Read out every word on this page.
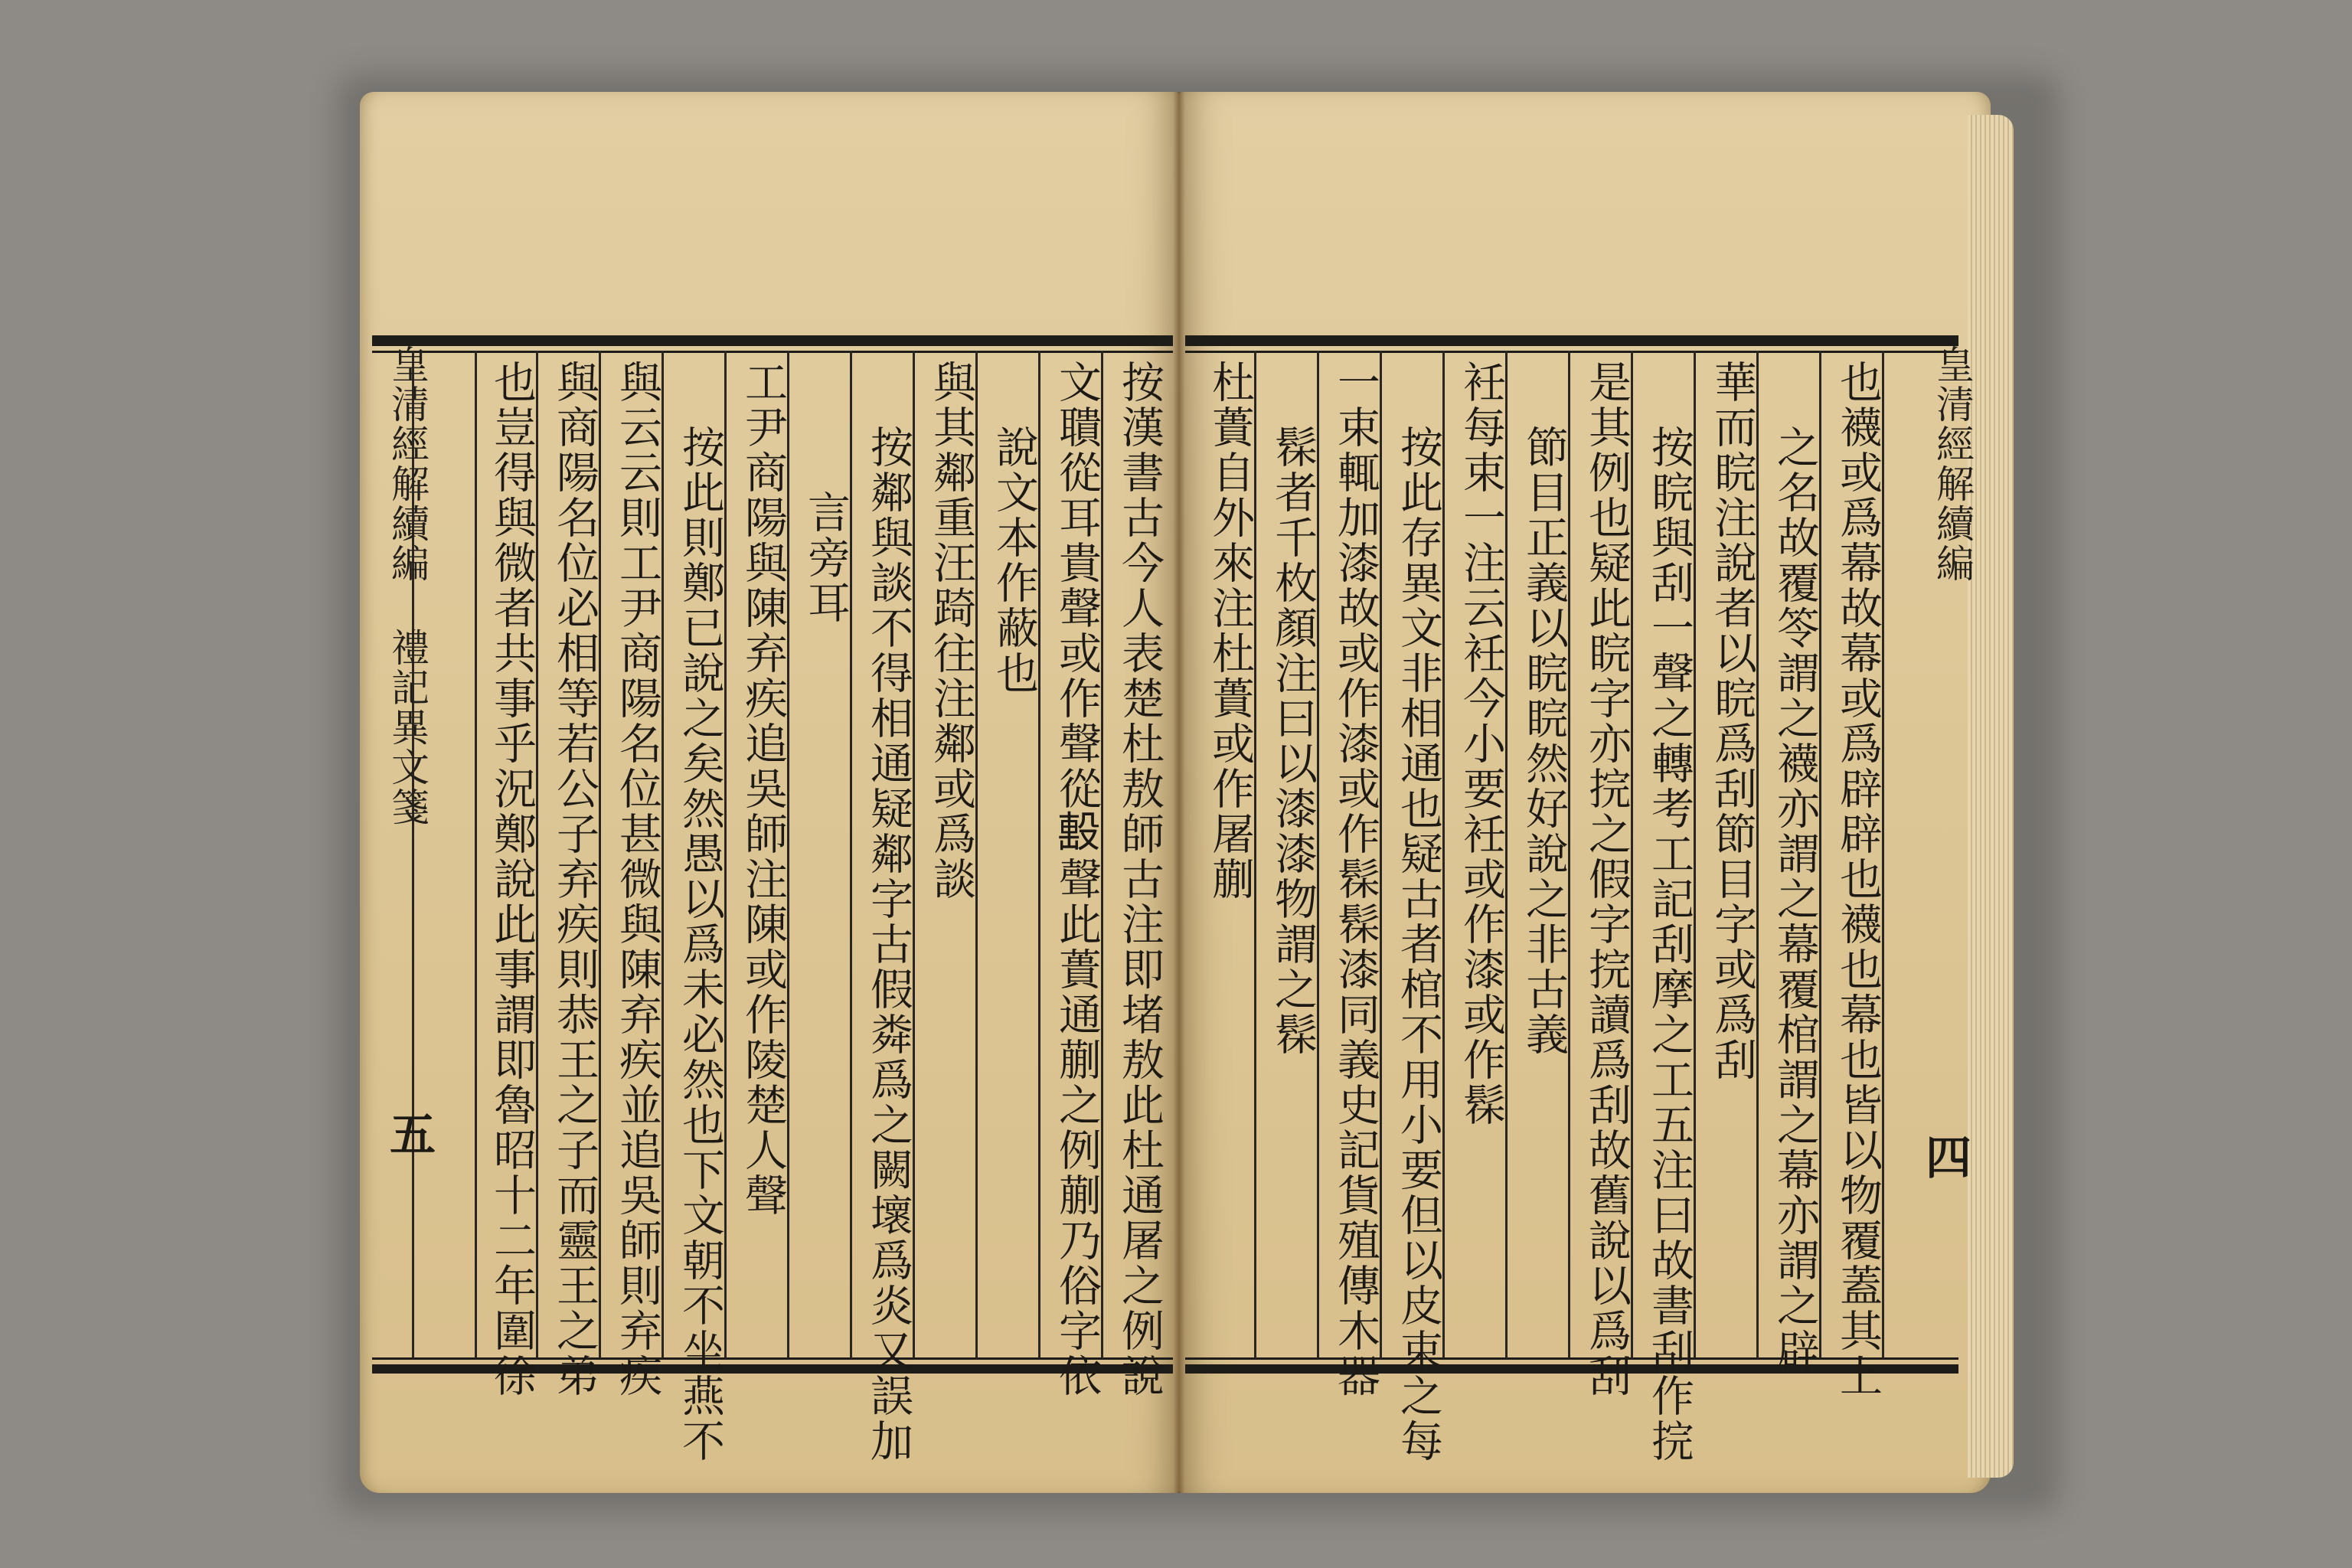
皇清經解續編
禮記異文箋
五	按漢書古今人表楚杜敖師古注即堵敖此杜通屠之例說
文聵從耳貴聲或作聲從𣪠聲此蕢通蒯之例蒯乃俗字依
說文本作蔽也
與其鄰重汪踦往注鄰或爲談
按鄰與談不得相通疑鄰字古假粦爲之闕壞爲炎又誤加
言旁耳
工尹商陽與陳弃疾追吳師注陳或作陵楚人聲
按此則鄭已說之矣然愚以爲未必然也下文朝不坐燕不
與云云則工尹商陽名位甚微與陳弃疾並追吳師則弃疾
與商陽名位必相等若公子弃疾則恭王之子而靈王之弟
也豈得與微者共事乎況鄭說此事謂即魯昭十二年圍徐	皇清經解續編
四
也襪或爲幕故幕或爲辟辟也襪也幕也皆以物覆蓋其上
之名故覆笭謂之襪亦謂之幕覆棺謂之幕亦謂之辟
華而睆注說者以睆爲刮節目字或爲刮
按睆與刮一聲之轉考工記刮摩之工五注曰故書刮作捖
是其例也疑此睆字亦捖之假字捖讀爲刮故舊說以爲刮
節目正義以睆睆然好說之非古義
衽每束一注云衽今小要衽或作漆或作髹
按此存異文非相通也疑古者棺不用小要但以皮束之每
一束輒加漆故或作漆或作髹髹漆同義史記貨殖傳木器
髹者千枚顏注曰以漆漆物謂之髹
杜蕢自外來注杜蕢或作屠蒯
